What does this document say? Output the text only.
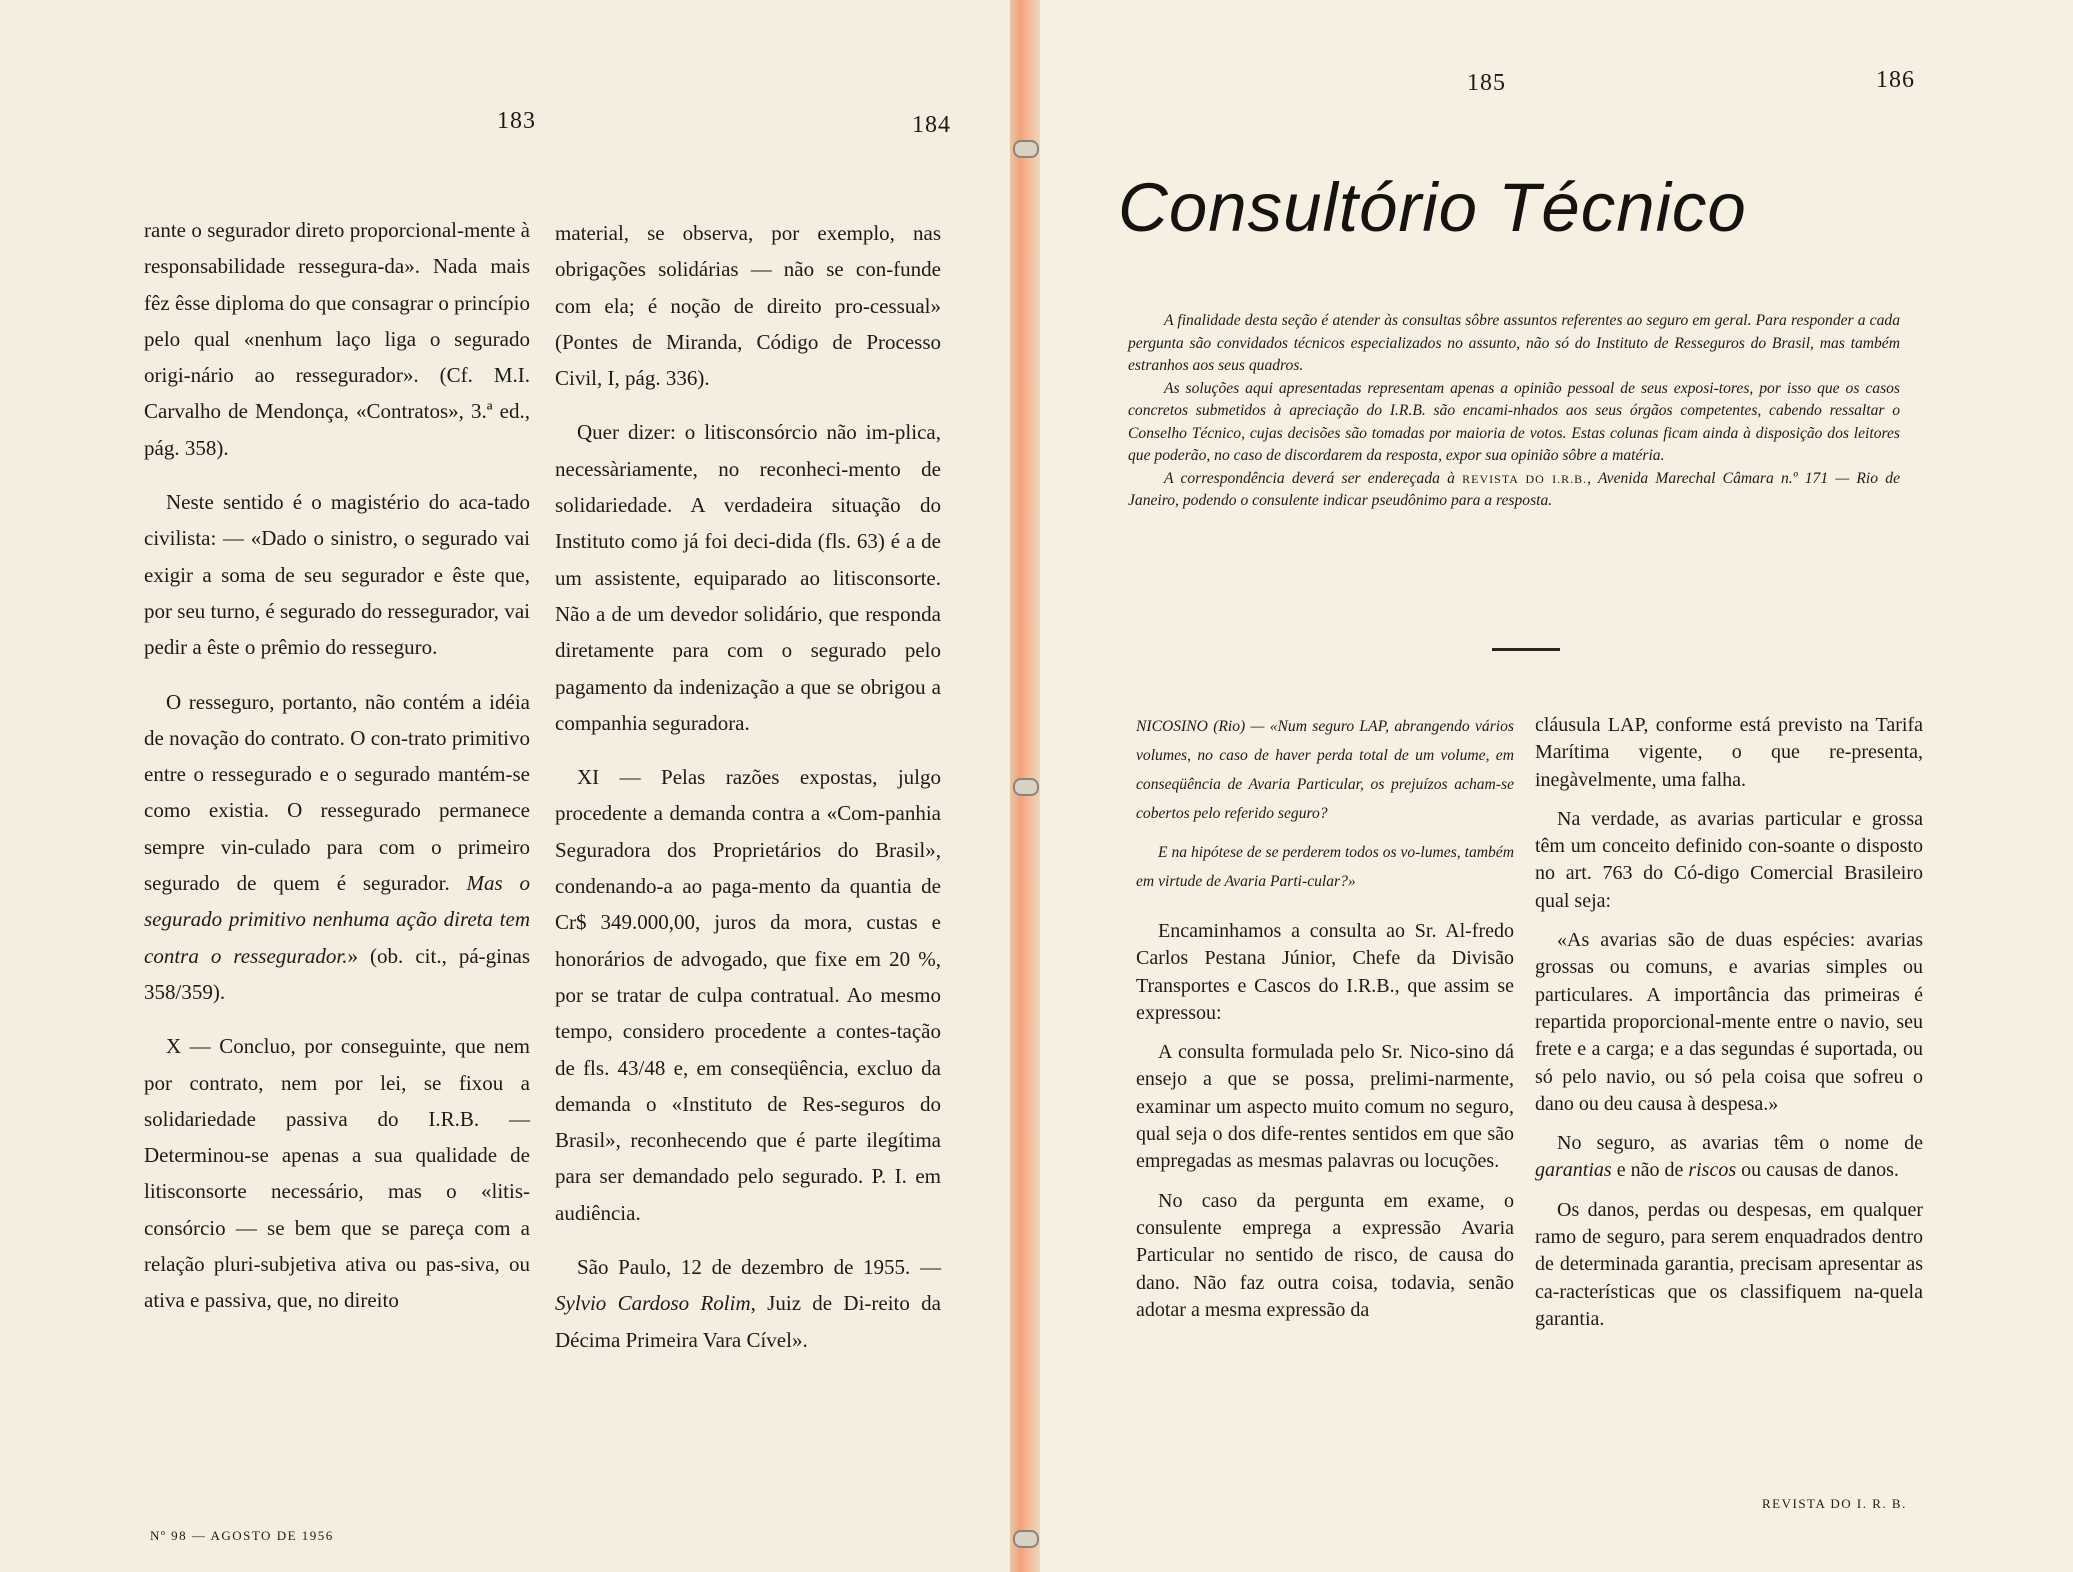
183	184

rante o segurador direto proporcional-mente à responsabilidade ressegura-da». Nada mais fêz êsse diploma do que consagrar o princípio pelo qual «nenhum laço liga o segurado origi-nário ao ressegurador». (Cf. M.I. Carvalho de Mendonça, «Contratos», 3.ª ed., pág. 358).

Neste sentido é o magistério do aca-tado civilista: — «Dado o sinistro, o segurado vai exigir a soma de seu segurador e êste que, por seu turno, é segurado do ressegurador, vai pedir a êste o prêmio do resseguro.

O resseguro, portanto, não contém a idéia de novação do contrato. O con-trato primitivo entre o ressegurado e o segurado mantém-se como existia. O ressegurado permanece sempre vin-culado para com o primeiro segurado de quem é segurador. Mas o segurado primitivo nenhuma ação direta tem contra o ressegurador.» (ob. cit., pá-ginas 358/359).

X — Concluo, por conseguinte, que nem por contrato, nem por lei, se fixou a solidariedade passiva do I.R.B. — Determinou-se apenas a sua qualidade de litisconsorte necessário, mas o «litis-consórcio — se bem que se pareça com a relação pluri-subjetiva ativa ou pas-siva, ou ativa e passiva, que, no direito

material, se observa, por exemplo, nas obrigações solidárias — não se con-funde com ela; é noção de direito pro-cessual» (Pontes de Miranda, Código de Processo Civil, I, pág. 336).

Quer dizer: o litisconsórcio não im-plica, necessàriamente, no reconheci-mento de solidariedade. A verdadeira situação do Instituto como já foi deci-dida (fls. 63) é a de um assistente, equiparado ao litisconsorte. Não a de um devedor solidário, que responda diretamente para com o segurado pelo pagamento da indenização a que se obrigou a companhia seguradora.

XI — Pelas razões expostas, julgo procedente a demanda contra a «Com-panhia Seguradora dos Proprietários do Brasil», condenando-a ao paga-mento da quantia de Cr$ 349.000,00, juros da mora, custas e honorários de advogado, que fixe em 20 %, por se tratar de culpa contratual. Ao mesmo tempo, considero procedente a contes-tação de fls. 43/48 e, em conseqüência, excluo da demanda o «Instituto de Res-seguros do Brasil», reconhecendo que é parte ilegítima para ser demandado pelo segurado. P. I. em audiência.

São Paulo, 12 de dezembro de 1955. — Sylvio Cardoso Rolim, Juiz de Di-reito da Décima Primeira Vara Cível».

Nº 98 — AGOSTO DE 1956
185	186
Consultório Técnico

A finalidade desta seção é atender às consultas sôbre assuntos referentes ao seguro em geral. Para responder a cada pergunta são convidados técnicos especializados no assunto, não só do Instituto de Resseguros do Brasil, mas também estranhos aos seus quadros.

As soluções aqui apresentadas representam apenas a opinião pessoal de seus exposi-tores, por isso que os casos concretos submetidos à apreciação do I.R.B. são encami-nhados aos seus órgãos competentes, cabendo ressaltar o Conselho Técnico, cujas decisões são tomadas por maioria de votos. Estas colunas ficam ainda à disposição dos leitores que poderão, no caso de discordarem da resposta, expor sua opinião sôbre a matéria.

A correspondência deverá ser endereçada à REVISTA DO I.R.B., Avenida Marechal Câmara n.º 171 — Rio de Janeiro, podendo o consulente indicar pseudônimo para a resposta.

NICOSINO (Rio) — «Num seguro LAP, abrangendo vários volumes, no caso de haver perda total de um volume, em conseqüência de Avaria Particular, os prejuízos acham-se cobertos pelo referido seguro?

E na hipótese de se perderem todos os vo-lumes, também em virtude de Avaria Parti-cular?»

Encaminhamos a consulta ao Sr. Al-fredo Carlos Pestana Júnior, Chefe da Divisão Transportes e Cascos do I.R.B., que assim se expressou:

A consulta formulada pelo Sr. Nico-sino dá ensejo a que se possa, prelimi-narmente, examinar um aspecto muito comum no seguro, qual seja o dos dife-rentes sentidos em que são empregadas as mesmas palavras ou locuções.

No caso da pergunta em exame, o consulente emprega a expressão Avaria Particular no sentido de risco, de causa do dano. Não faz outra coisa, todavia, senão adotar a mesma expressão da

cláusula LAP, conforme está previsto na Tarifa Marítima vigente, o que re-presenta, inegàvelmente, uma falha.

Na verdade, as avarias particular e grossa têm um conceito definido con-soante o disposto no art. 763 do Có-digo Comercial Brasileiro qual seja:

«As avarias são de duas espécies: avarias grossas ou comuns, e avarias simples ou particulares. A importância das primeiras é repartida proporcional-mente entre o navio, seu frete e a carga; e a das segundas é suportada, ou só pelo navio, ou só pela coisa que sofreu o dano ou deu causa à despesa.»

No seguro, as avarias têm o nome de garantias e não de riscos ou causas de danos.

Os danos, perdas ou despesas, em qualquer ramo de seguro, para serem enquadrados dentro de determinada garantia, precisam apresentar as ca-racterísticas que os classifiquem na-quela garantia.

REVISTA DO I. R. B.
